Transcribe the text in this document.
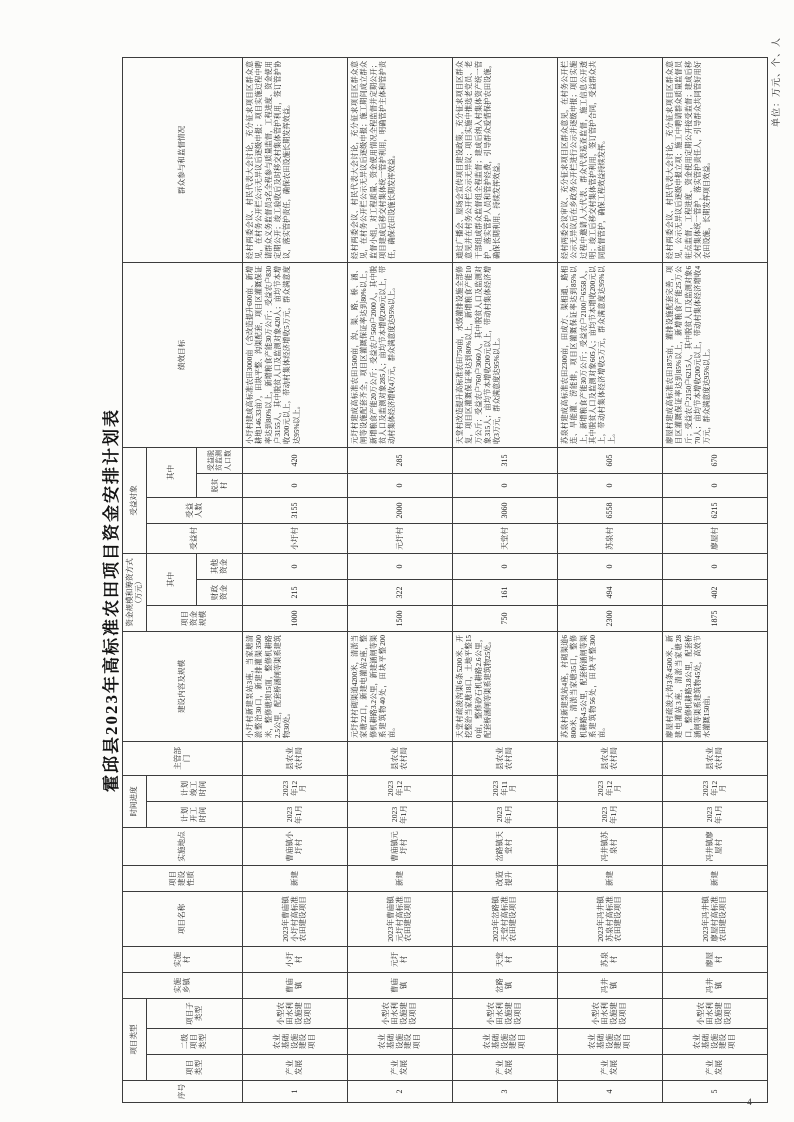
霍邱县2023年高标准农田项目资金安排计划表
单位：万元、个、人
4
序号	项目类型			实施乡镇	实施村	项目名称	项目建设性质	实施地点	时间进度		主管部门	建设内容及规模	资金规模和筹资方式（万元）			受益对象				绩效目标	群众参与和监督情况
	项目类型	二级项目类型	项目子类型						计划开工时间	计划竣工时间			项目资金规模	其中		受益村	受益人数	其中			
														财政资金	其他资金			脱贫村	受益脱贫监测人口数		
1	产业发展	农业基础设施建设项目	小型农田水利设施建设项目	曹庙镇	小圩村	2023年曹庙镇小圩村高标准农田建设项目	新建	曹庙镇小圩村	2023年1月	2023年12月	县农业农村局	小圩村新建泵站3座，当家塘清淤整治30口，新建排灌渠3500米，整修塘坝15面，整修机耕路2.5公里，配套桥涵闸等渠系建筑物30处。	1000	215	0	小圩村	3155	0	420	小圩村建成高标准农田3000亩（含改造提升600亩、新增耕地146.33亩），田块平整、沟渠配套，项目区灌溉保证率达到80%以上，新增粮食产能30万公斤；受益农户830户3155人，其中脱贫人口及监测对象420人；亩均节本增收200元以上，带动村集体经济增收5万元，群众满意度达95%以上。	经村两委会议、村民代表大会讨论，充分征求项目区群众意见，在村务公开栏公示无异议后逐级申报；项目实施过程中聘请群众义务监督员3名全程参与质量监督，工程进度、资金使用定期公开；竣工验收后及时移交村集体管护利用，签订管护协议，落实管护责任，确保农田设施长期发挥效益。
2	产业发展	农业基础设施建设项目	小型农田水利设施建设项目	曹庙镇	元圩村	2023年曹庙镇元圩村高标准农田建设项目	新建	曹庙镇元圩村	2023年1月	2023年12月	县农业农村局	元圩村衬砌渠道4200米，清淤当家塘22口，新建电灌站2座，整修机耕路3.2公里，新建涵闸等渠系建筑物40处，田块平整200亩。	1500	322	0	元圩村	2000	0	285	元圩村建成高标准农田1500亩，沟、渠、路、桥、涵、闸等设施配套齐全，项目区灌溉保证率达到80%以上，新增粮食产能20万公斤；受益农户560户2000人，其中脱贫人口及监测对象285人；亩均节本增收200元以上，带动村集体经济增收4万元，群众满意度达95%以上。	经村两委会议、村民代表大会讨论，充分征求项目区群众意见，在村务公开栏公示无异议后逐级申报；施工期间成立群众监督小组，对工程质量、资金使用情况全程监督并定期公开；项目建成后移交村集体统一管护利用，明确管护主体和管护责任，确保农田设施长期发挥效益。
3	产业发展	农业基础设施建设项目	小型农田水利设施建设项目	岔路镇	天堂村	2023年岔路镇天堂村高标准农田建设项目	改造提升	岔路镇天堂村	2023年1月	2023年11月	县农业农村局	天堂村疏浚沟渠6条5200米，开挖整治当家塘18口，土地平整150亩，整修砂石机耕路2.6公里，配套桥涵闸等渠系建筑物25处。	750	161	0	天堂村	3060	0	315	天堂村改造提升高标准农田750亩，水毁灌排设施全部修复，项目区灌溉保证率达到80%以上，新增粮食产能10万公斤；受益农户760户3060人，其中脱贫人口及监测对象315人；亩均节本增收200元以上，带动村集体经济增收3万元，群众满意度达95%以上。	通过广播会、屋场会宣传项目建设政策，充分征求项目区群众意见并在村务公开栏公示无异议；项目实施中推选老党员、老干部组成群众监督组全程监督；建成后纳入村集体资产统一管护，落实管护人员和管护经费，引导群众爱惜保护农田设施，确保长期利用、持续发挥效益。
4	产业发展	农业基础设施建设项目	小型农田水利设施建设项目	冯井镇	苏泉村	2023年冯井镇苏泉村高标准农田建设项目	新建	冯井镇苏泉村	2023年1月	2023年12月	县农业农村局	苏泉村新建泵站4座，衬砌渠道6800米，清淤当家塘35口，整修机耕路4.5公里，配套桥涵闸等渠系建筑物56处，田块平整300亩。	2300	494	0	苏泉村	6558	0	605	苏泉村建成高标准农田2300亩，田成方、渠相通、路相连、旱能灌、涝能排，项目区灌溉保证率达到85%以上，新增粮食产能30万公斤；受益农户2100户6558人，其中脱贫人口及监测对象605人；亩均节本增收200元以上，带动村集体经济增收5万元，群众满意度达95%以上。	经村两委会议审议、充分征求项目区群众意见，在村务公开栏公示无异议后在乡政务公开栏进行公示并逐级申报；项目实施过程中邀请人大代表、群众代表巡查监督，施工信息公开透明；竣工后移交村集体管护利用，签订管护合同，受益群众共同监督管护，确保工程效益持续发挥。
5	产业发展	农业基础设施建设项目	小型农田水利设施建设项目	冯井镇	廖屋村	2023年冯井镇廖屋村高标准农田建设项目	新建	冯井镇廖屋村	2023年1月	2023年12月	县农业农村局	廖屋村疏浚大沟3条4500米，新建电灌站3座，清淤当家塘28口，整修机耕路3.8公里，配套桥涵闸等渠系建筑物45处，高效节水灌溉150亩。	1875	402	0	廖屋村	6215	0	670	廖屋村建成高标准农田1875亩，灌排设施配套完善，项目区灌溉保证率达到85%以上，新增粮食产能25万公斤；受益农户2150户6215人，其中脱贫人口及监测对象670人；亩均节本增收200元以上，带动村集体经济增收4万元，群众满意度达95%以上。	经村两委会议、村民代表大会讨论，充分征求项目区群众意见，公示无异议后逐级申报立项；施工中聘请群众质量监督员驻点监督，工程进度、资金使用定期公开接受监督；建成后移交村集体统一管护，落实管护责任人，引导群众共同管好用好农田设施，长期发挥项目效益。
